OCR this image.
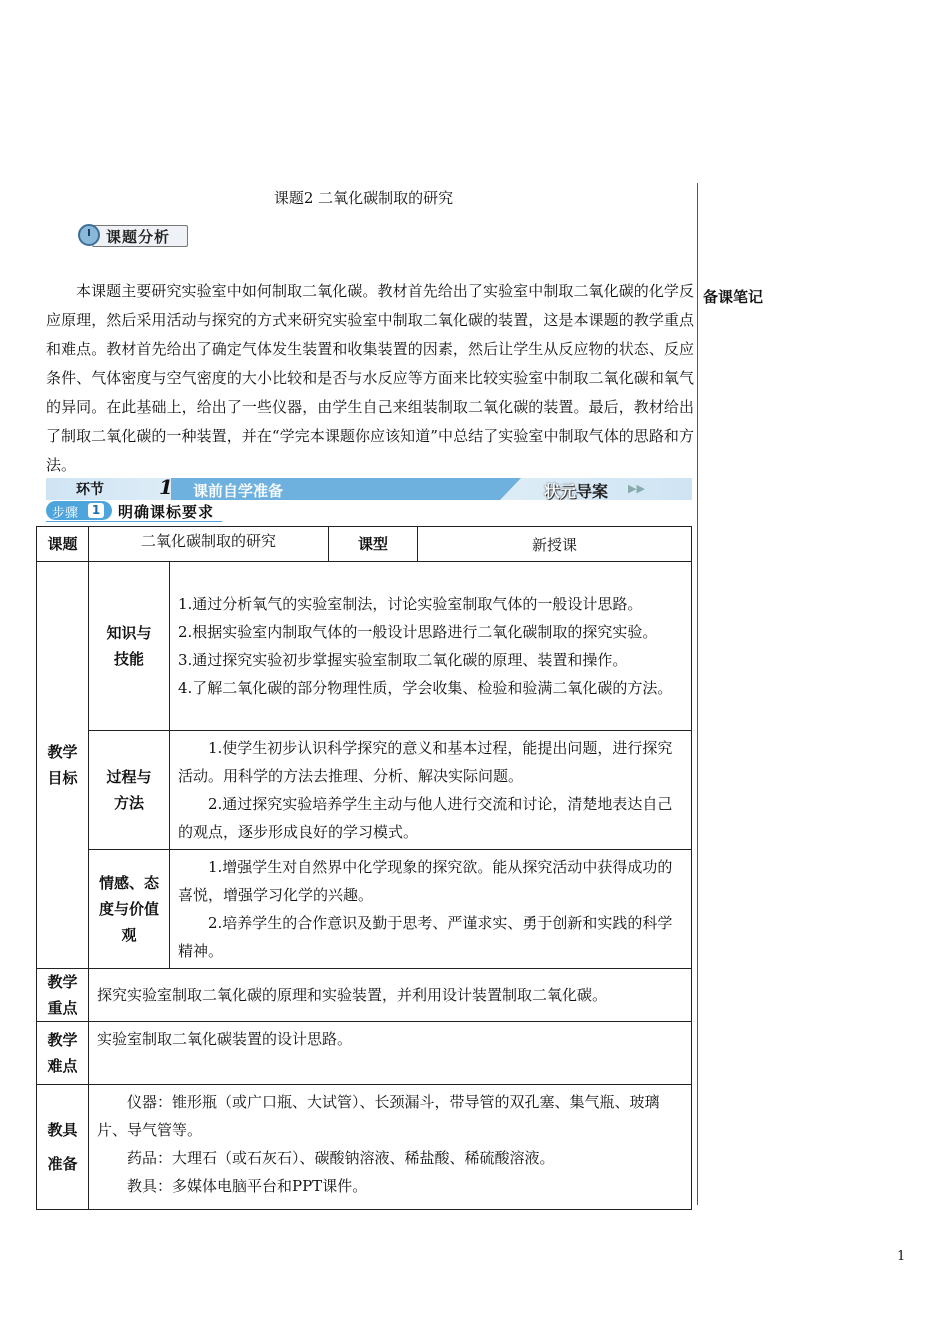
备课笔记
课题2 二氧化碳制取的研究
课题分析

本课题主要研究实验室中如何制取二氧化碳。教材首先给出了实验室中制取二氧化碳的化学反应原理，然后采用活动与探究的方式来研究实验室中制取二氧化碳的装置，这是本课题的教学重点和难点。教材首先给出了确定气体发生装置和收集装置的因素，然后让学生从反应物的状态、反应条件、气体密度与空气密度的大小比较和是否与水反应等方面来比较实验室中制取二氧化碳和氧气的异同。在此基础上，给出了一些仪器，由学生自己来组装制取二氧化碳的装置。最后，教材给出了制取二氧化碳的一种装置，并在“学完本课题你应该知道”中总结了实验室中制取气体的思路和方法。

环节	1 课前自学准备	状元导案 ▶▶
步骤	1 明确课标要求
课题	二氧化碳制取的研究		课型	新授课
教学目标	知识与技能	1.通过分析氧气的实验室制法，讨论实验室制取气体的一般设计思路。

2.根据实验室内制取气体的一般设计思路进行二氧化碳制取的探究实验。

3.通过探究实验初步掌握实验室制取二氧化碳的原理、装置和操作。

4.了解二氧化碳的部分物理性质，学会收集、检验和验满二氧化碳的方法。		

	过程与方法	1.使学生初步认识科学探究的意义和基本过程，能提出问题，进行探究活动。用科学的方法去推理、分析、解决实际问题。

2.通过探究实验培养学生主动与他人进行交流和讨论，清楚地表达自己的观点，逐步形成良好的学习模式。		

	情感、态度与价值观	1.增强学生对自然界中化学现象的探究欲。能从探究活动中获得成功的喜悦，增强学习化学的兴趣。

2.培养学生的合作意识及勤于思考、严谨求实、勇于创新和实践的科学精神。		

教学重点	探究实验室制取二氧化碳的原理和实验装置，并利用设计装置制取二氧化碳。			
教学难点	实验室制取二氧化碳装置的设计思路。			
教具准备	仪器：锥形瓶（或广口瓶、大试管）、长颈漏斗，带导管的双孔塞、集气瓶、玻璃片、导气管等。

药品：大理石（或石灰石）、碳酸钠溶液、稀盐酸、稀硫酸溶液。

教具：多媒体电脑平台和PPT课件。			

1
